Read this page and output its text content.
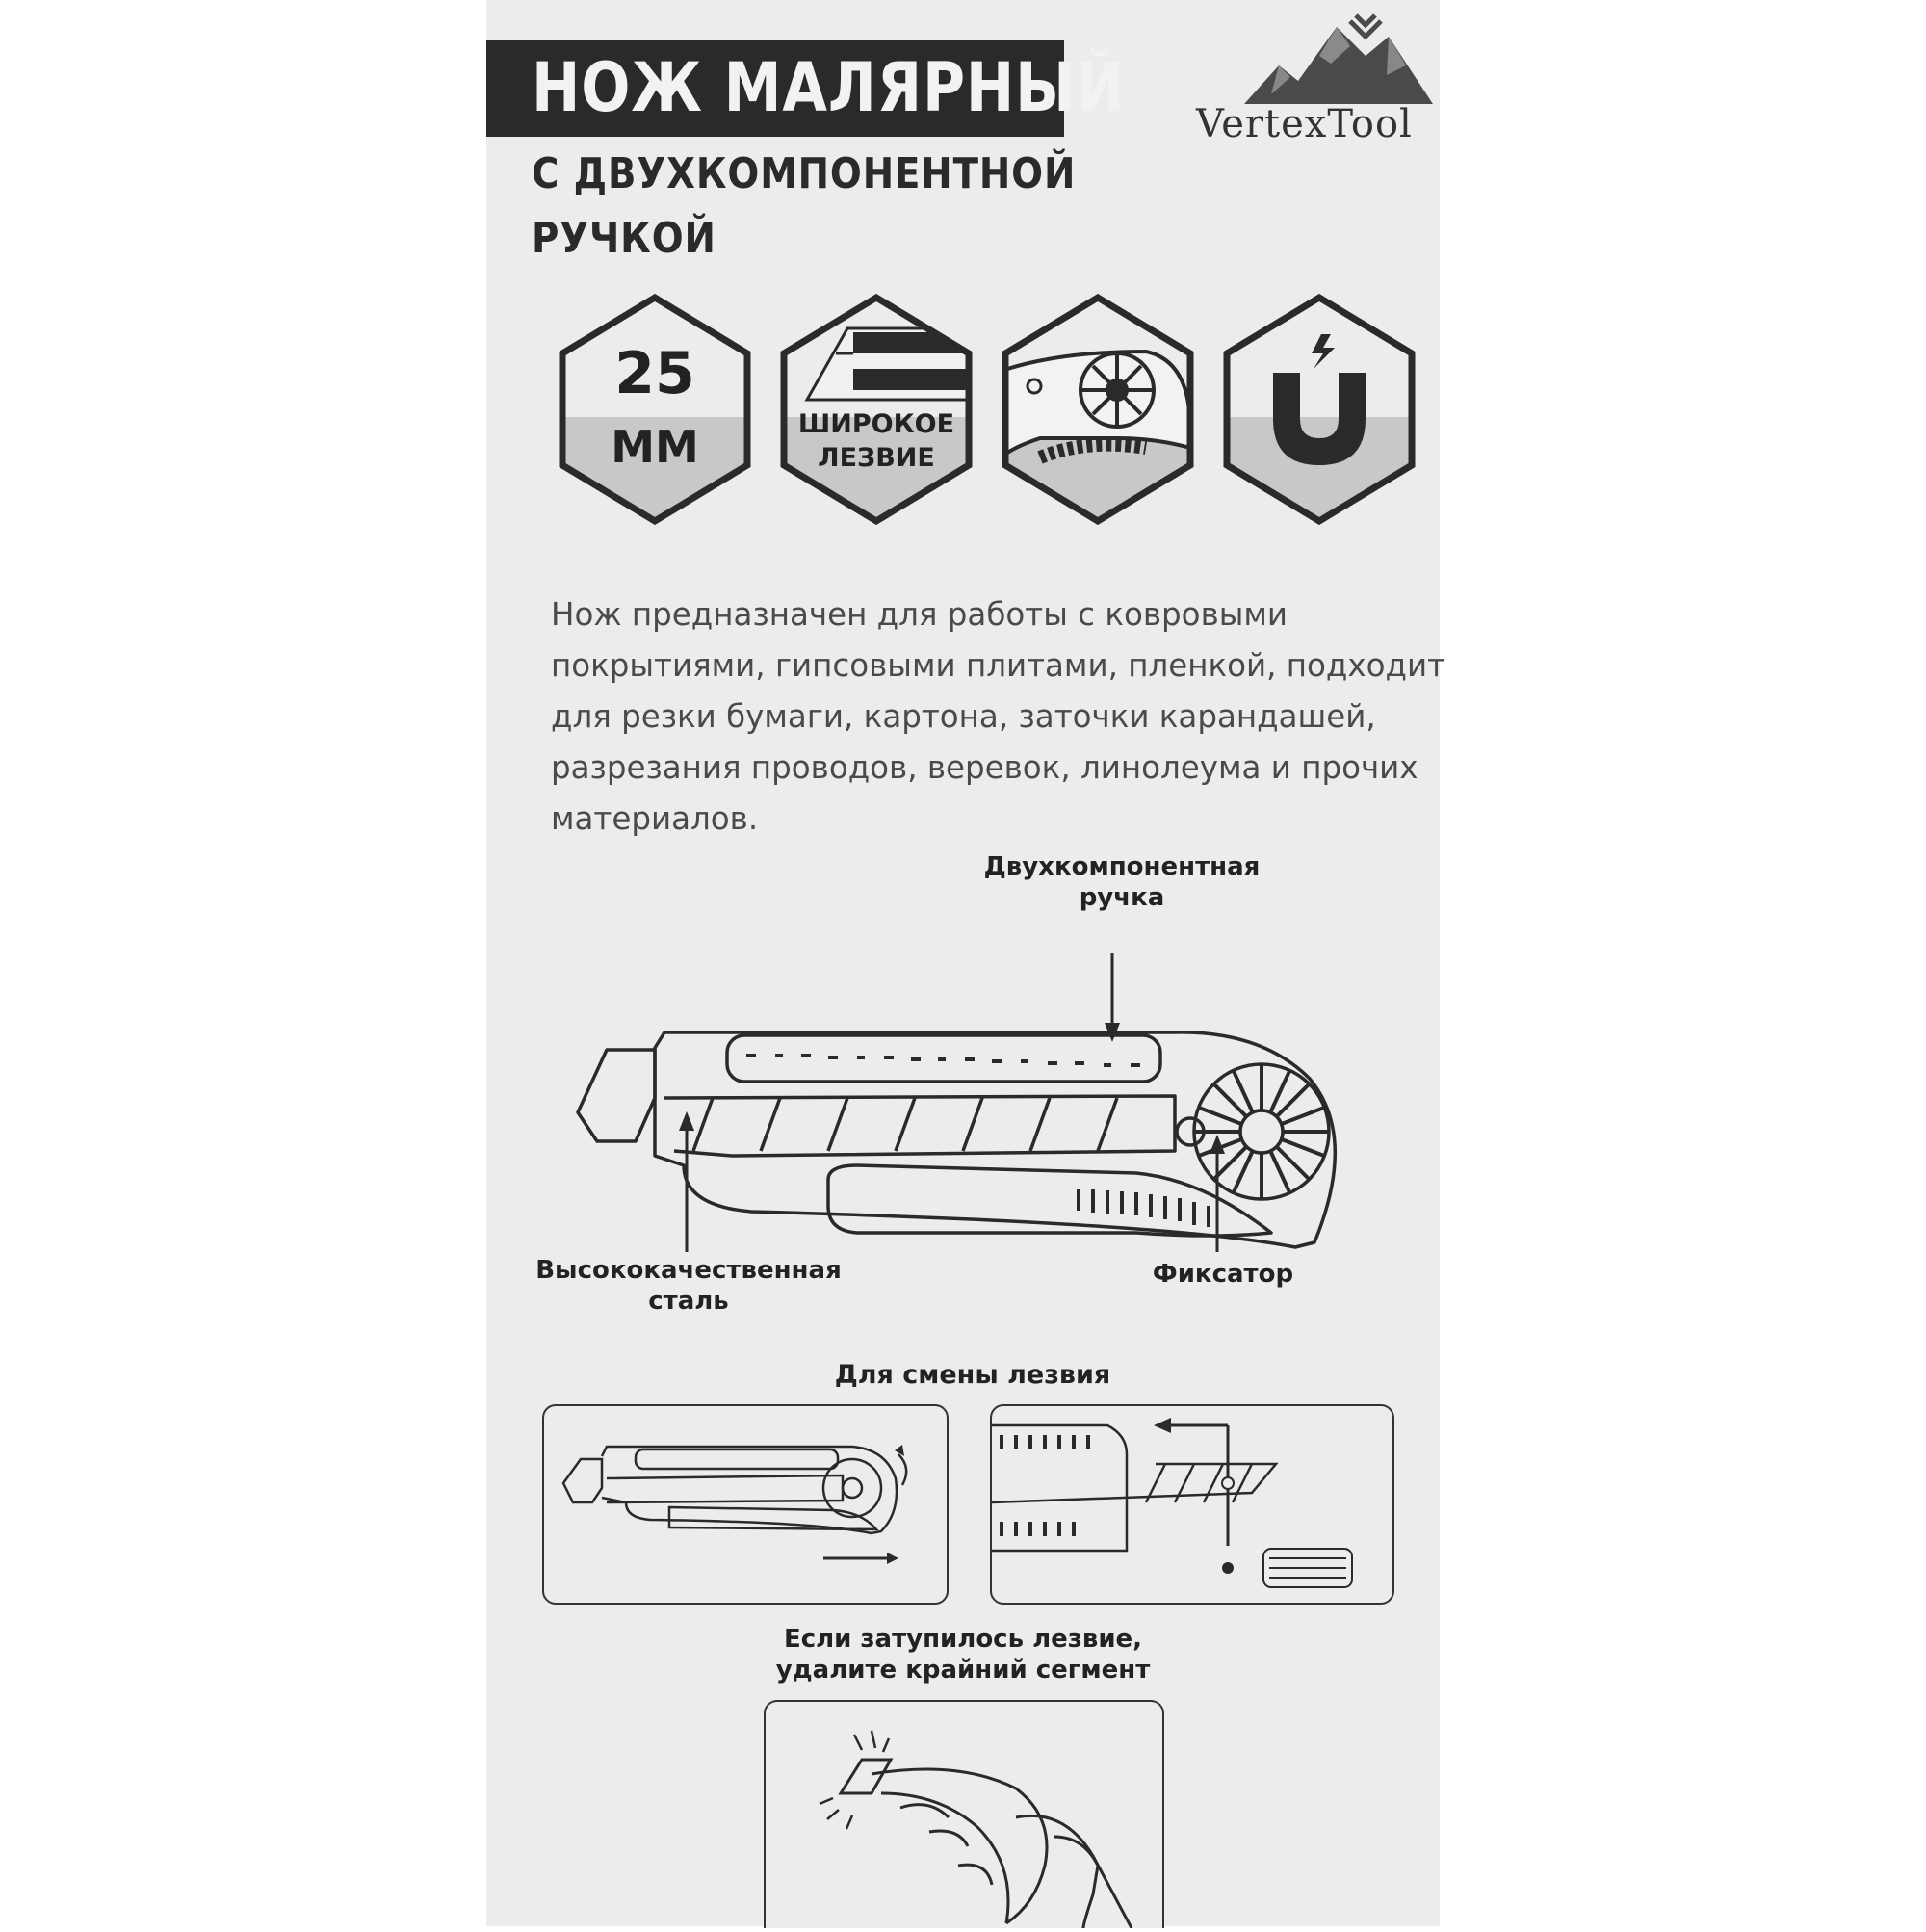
НОЖ МАЛЯРНЫЙ
С ДВУХКОМПОНЕНТНОЙ
РУЧКОЙ
VertexTool
25
ММ	ШИРОКОЕ
ЛЕЗВИЕ
Нож предназначен для работы с ковровыми
покрытиями, гипсовыми плитами, пленкой, подходит
для резки бумаги, картона, заточки карандашей,
разрезания проводов, веревок, линолеума и прочих
материалов.
Двухкомпонентная
ручка
Высококачественная
сталь
Фиксатор
Для смены лезвия
Если затупилось лезвие,
удалите крайний сегмент
